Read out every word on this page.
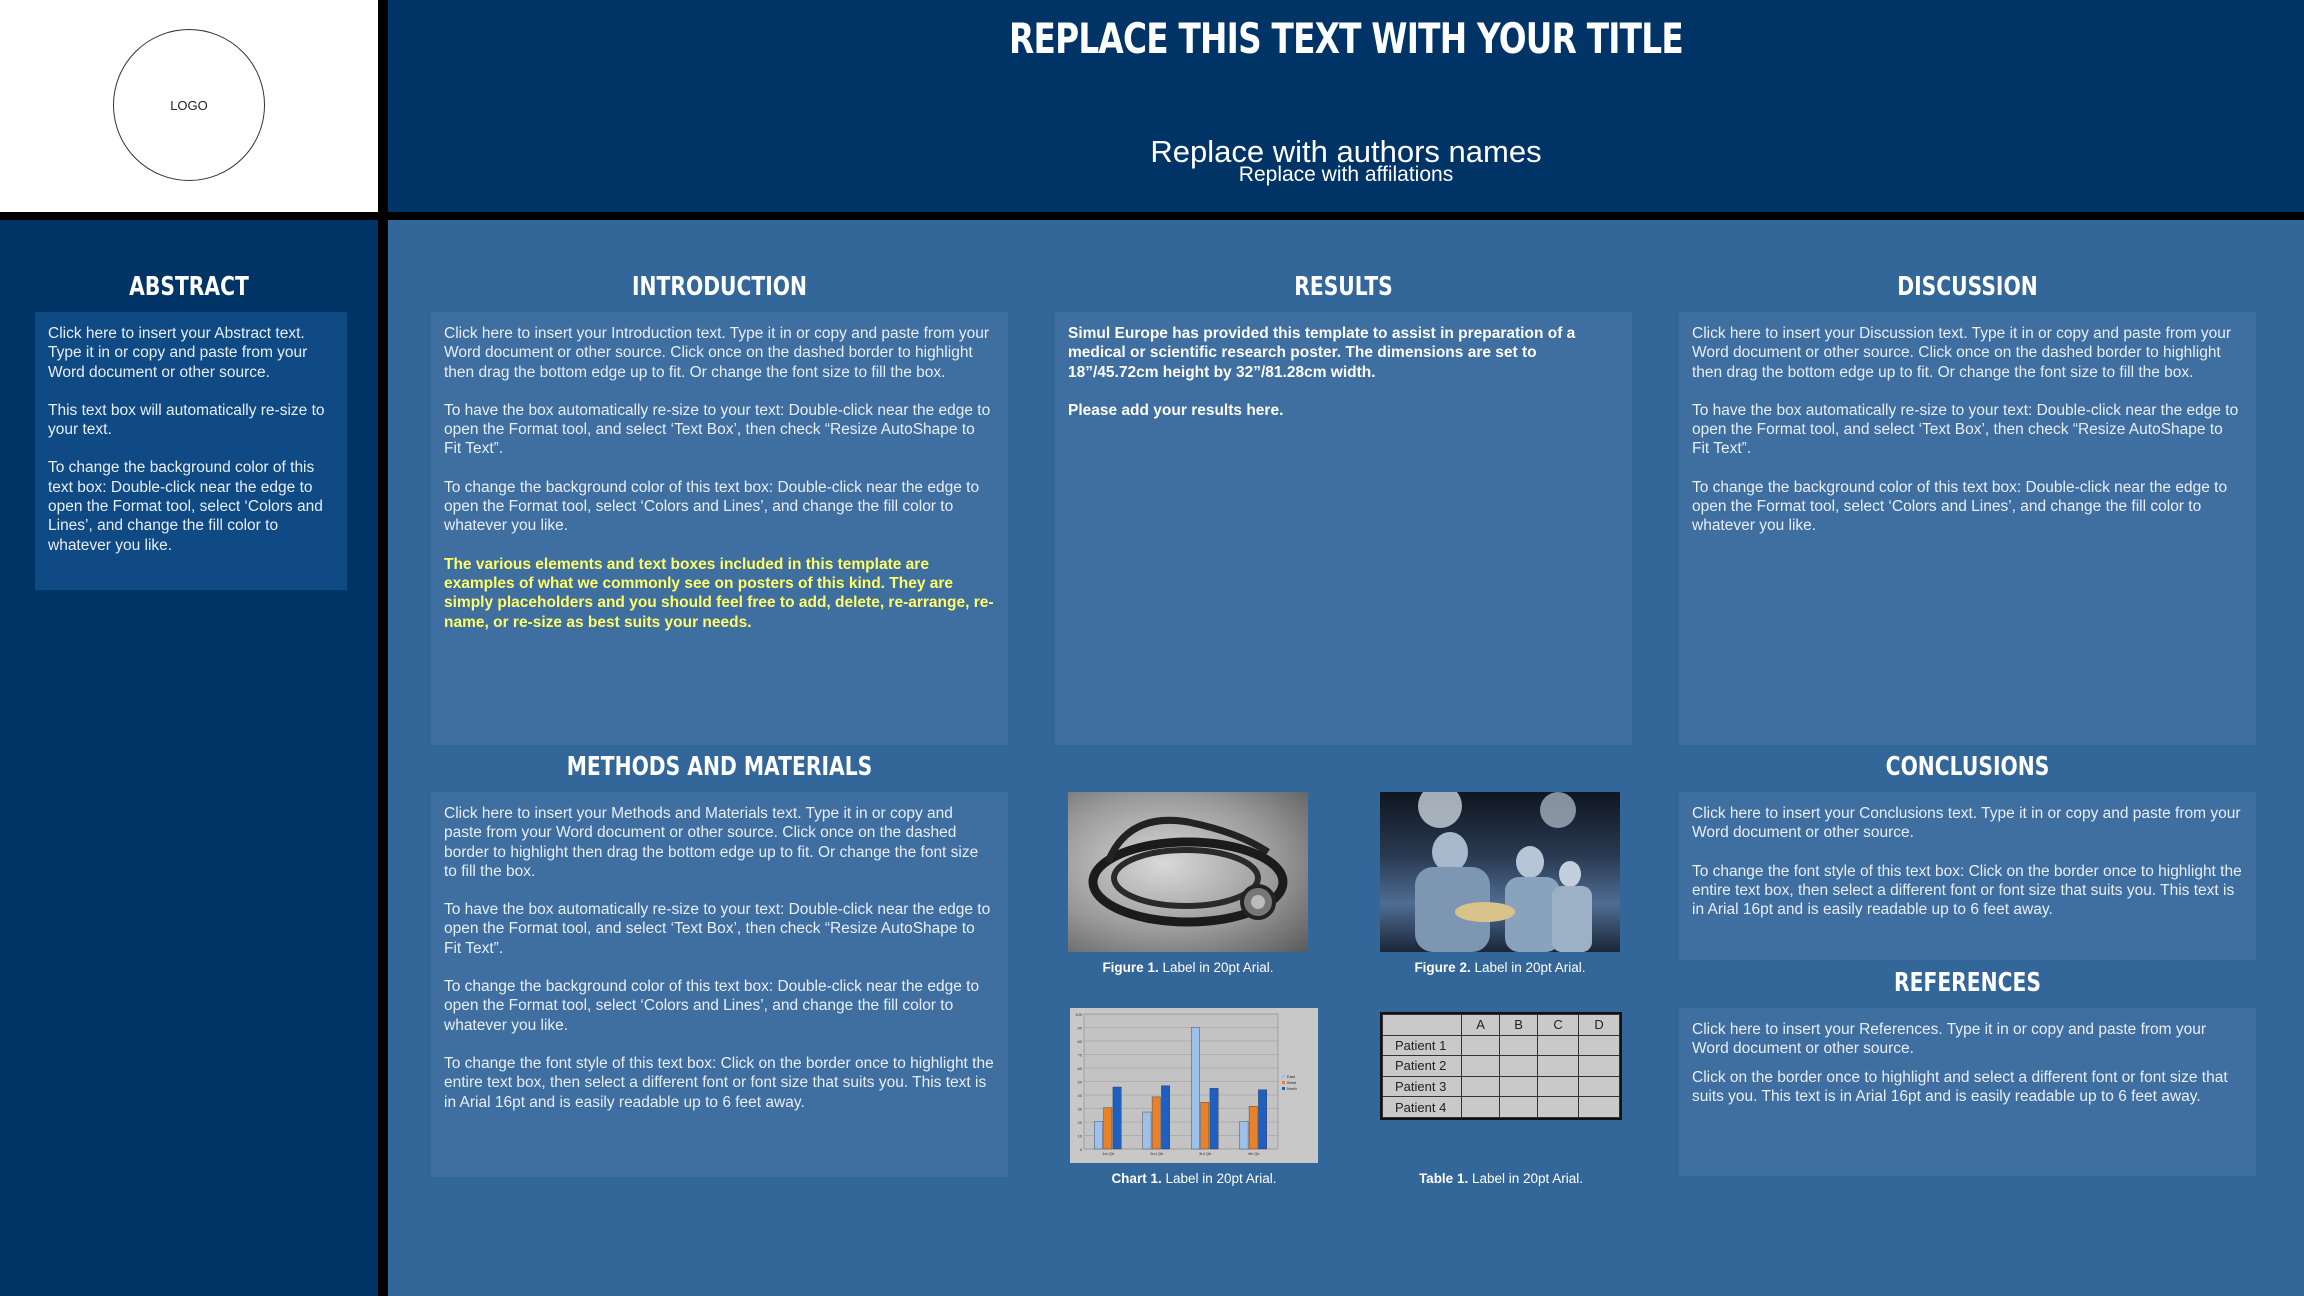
LOGO
REPLACE THIS TEXT WITH YOUR TITLE
Replace with authors names
Replace with affilations
ABSTRACT

Click here to insert your Abstract text. Type it in or copy and paste from your Word document or other source.

This text box will automatically re-size to your text.

To change the background color of this text box: Double-click near the edge to open the Format tool, select ‘Colors and Lines’, and change the fill color to whatever you like.

INTRODUCTION

Click here to insert your Introduction text. Type it in or copy and paste from your Word document or other source. Click once on the dashed border to highlight then drag the bottom edge up to fit. Or change the font size to fill the box.

To have the box automatically re-size to your text: Double-click near the edge to open the Format tool, and select ‘Text Box’, then check “Resize AutoShape to Fit Text”.

To change the background color of this text box: Double-click near the edge to open the Format tool, select ‘Colors and Lines’, and change the fill color to whatever you like.

The various elements and text boxes included in this template are examples of what we commonly see on posters of this kind. They are simply placeholders and you should feel free to add, delete, re-arrange, re-name, or re-size as best suits your needs.

RESULTS

Simul Europe has provided this template to assist in preparation of a medical or scientific research poster. The dimensions are set to 18”/45.72cm height by 32”/81.28cm width.

Please add your results here.

DISCUSSION

Click here to insert your Discussion text. Type it in or copy and paste from your Word document or other source. Click once on the dashed border to highlight then drag the bottom edge up to fit. Or change the font size to fill the box.

To have the box automatically re-size to your text: Double-click near the edge to open the Format tool, and select ‘Text Box’, then check “Resize AutoShape to Fit Text”.

To change the background color of this text box: Double-click near the edge to open the Format tool, select ‘Colors and Lines’, and change the fill color to whatever you like.

METHODS AND MATERIALS

Click here to insert your Methods and Materials text. Type it in or copy and paste from your Word document or other source. Click once on the dashed border to highlight then drag the bottom edge up to fit. Or change the font size to fill the box.

To have the box automatically re-size to your text: Double-click near the edge to open the Format tool, and select ‘Text Box’, then check “Resize AutoShape to Fit Text”.

To change the background color of this text box: Double-click near the edge to open the Format tool, select ‘Colors and Lines’, and change the fill color to whatever you like.

To change the font style of this text box: Click on the border once to highlight the entire text box, then select a different font or font size that suits you. This text is in Arial 16pt and is easily readable up to 6 feet away.

Figure 1. Label in 20pt Arial.	Figure 2. Label in 20pt Arial.
0
10
20
30
40
50
60
70
80
90
100
1st Qtr	2nd Qtr	3rd Qtr	4th Qtr
East
West
North
Chart 1. Label in 20pt Arial.
	A	B	C	D
Patient 1				
Patient 2				
Patient 3				
Patient 4				
Table 1. Label in 20pt Arial.
CONCLUSIONS

Click here to insert your Conclusions text. Type it in or copy and paste from your Word document or other source.

To change the font style of this text box: Click on the border once to highlight the entire text box, then select a different font or font size that suits you. This text is in Arial 16pt and is easily readable up to 6 feet away.

REFERENCES

Click here to insert your References. Type it in or copy and paste from your Word document or other source.

Click on the border once to highlight and select a different font or font size that suits you. This text is in Arial 16pt and is easily readable up to 6 feet away.
